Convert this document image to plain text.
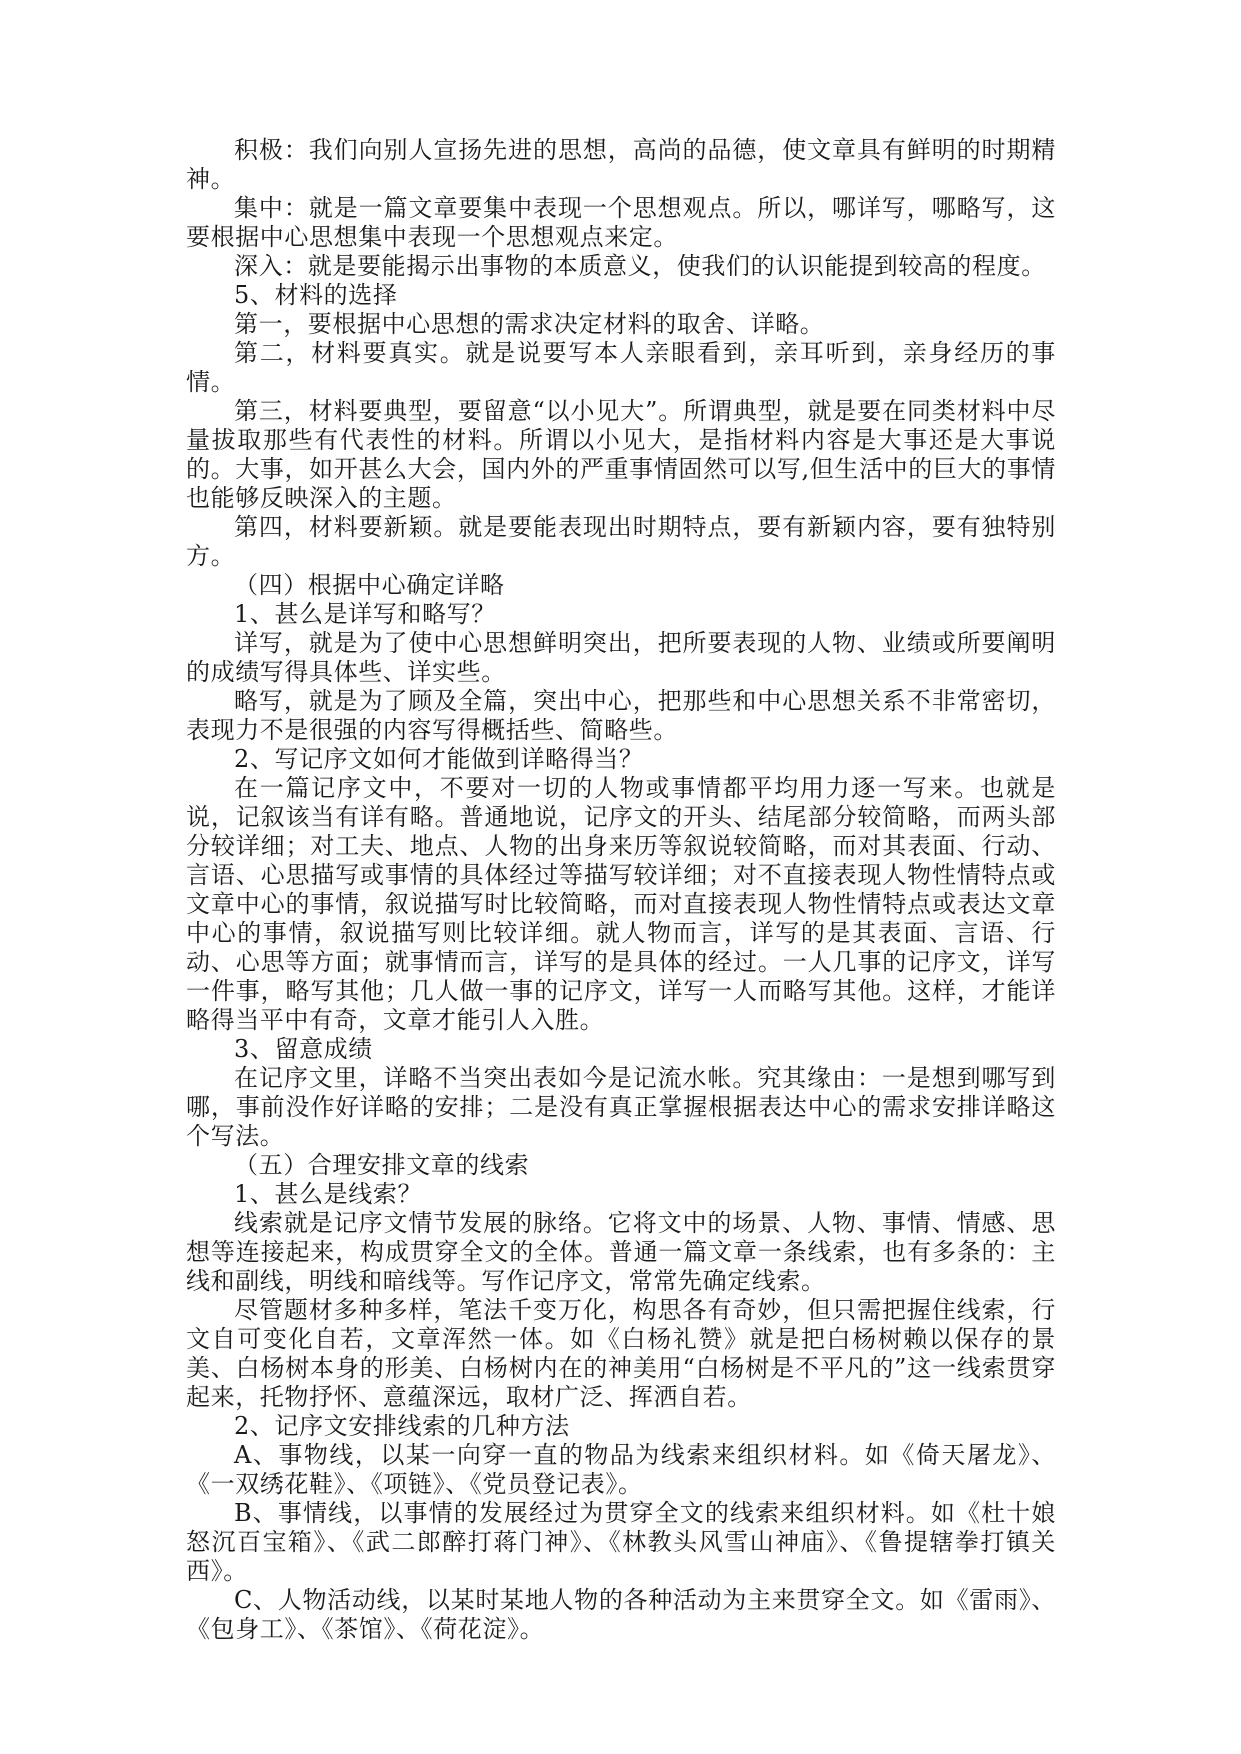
积极：我们向别人宣扬先进的思想，高尚的品德，使文章具有鲜明的时期精神。

集中：就是一篇文章要集中表现一个思想观点。所以，哪详写，哪略写，这要根据中心思想集中表现一个思想观点来定。

深入：就是要能揭示出事物的本质意义，使我们的认识能提到较高的程度。

5、材料的选择

第一，要根据中心思想的需求决定材料的取舍、详略。

第二，材料要真实。就是说要写本人亲眼看到，亲耳听到，亲身经历的事情。

第三，材料要典型，要留意“以小见大”。所谓典型，就是要在同类材料中尽量拔取那些有代表性的材料。所谓以小见大，是指材料内容是大事还是大事说的。大事，如开甚么大会，国内外的严重事情固然可以写,但生活中的巨大的事情也能够反映深入的主题。

第四，材料要新颖。就是要能表现出时期特点，要有新颖内容，要有独特别方。

（四）根据中心确定详略

1、甚么是详写和略写？

详写，就是为了使中心思想鲜明突出，把所要表现的人物、业绩或所要阐明的成绩写得具体些、详实些。

略写，就是为了顾及全篇，突出中心，把那些和中心思想关系不非常密切，表现力不是很强的内容写得概括些、简略些。

2、写记序文如何才能做到详略得当？

在一篇记序文中，不要对一切的人物或事情都平均用力逐一写来。也就是说，记叙该当有详有略。普通地说，记序文的开头、结尾部分较简略，而两头部分较详细；对工夫、地点、人物的出身来历等叙说较简略，而对其表面、行动、言语、心思描写或事情的具体经过等描写较详细；对不直接表现人物性情特点或文章中心的事情，叙说描写时比较简略，而对直接表现人物性情特点或表达文章中心的事情，叙说描写则比较详细。就人物而言，详写的是其表面、言语、行动、心思等方面；就事情而言，详写的是具体的经过。一人几事的记序文，详写一件事，略写其他；几人做一事的记序文，详写一人而略写其他。这样，才能详略得当平中有奇，文章才能引人入胜。

3、留意成绩

在记序文里，详略不当突出表如今是记流水帐。究其缘由：一是想到哪写到哪，事前没作好详略的安排；二是没有真正掌握根据表达中心的需求安排详略这个写法。

（五）合理安排文章的线索

1、甚么是线索？

线索就是记序文情节发展的脉络。它将文中的场景、人物、事情、情感、思想等连接起来，构成贯穿全文的全体。普通一篇文章一条线索，也有多条的：主线和副线，明线和暗线等。写作记序文，常常先确定线索。

尽管题材多种多样，笔法千变万化，构思各有奇妙，但只需把握住线索，行文自可变化自若，文章浑然一体。如《白杨礼赞》就是把白杨树赖以保存的景美、白杨树本身的形美、白杨树内在的神美用“白杨树是不平凡的”这一线索贯穿起来，托物抒怀、意蕴深远，取材广泛、挥洒自若。

2、记序文安排线索的几种方法

A、事物线，以某一向穿一直的物品为线索来组织材料。如《倚天屠龙》、《一双绣花鞋》、《项链》、《党员登记表》。

B、事情线，以事情的发展经过为贯穿全文的线索来组织材料。如《杜十娘怒沉百宝箱》、《武二郎醉打蒋门神》、《林教头风雪山神庙》、《鲁提辖拳打镇关西》。

C、人物活动线，以某时某地人物的各种活动为主来贯穿全文。如《雷雨》、《包身工》、《茶馆》、《荷花淀》。
